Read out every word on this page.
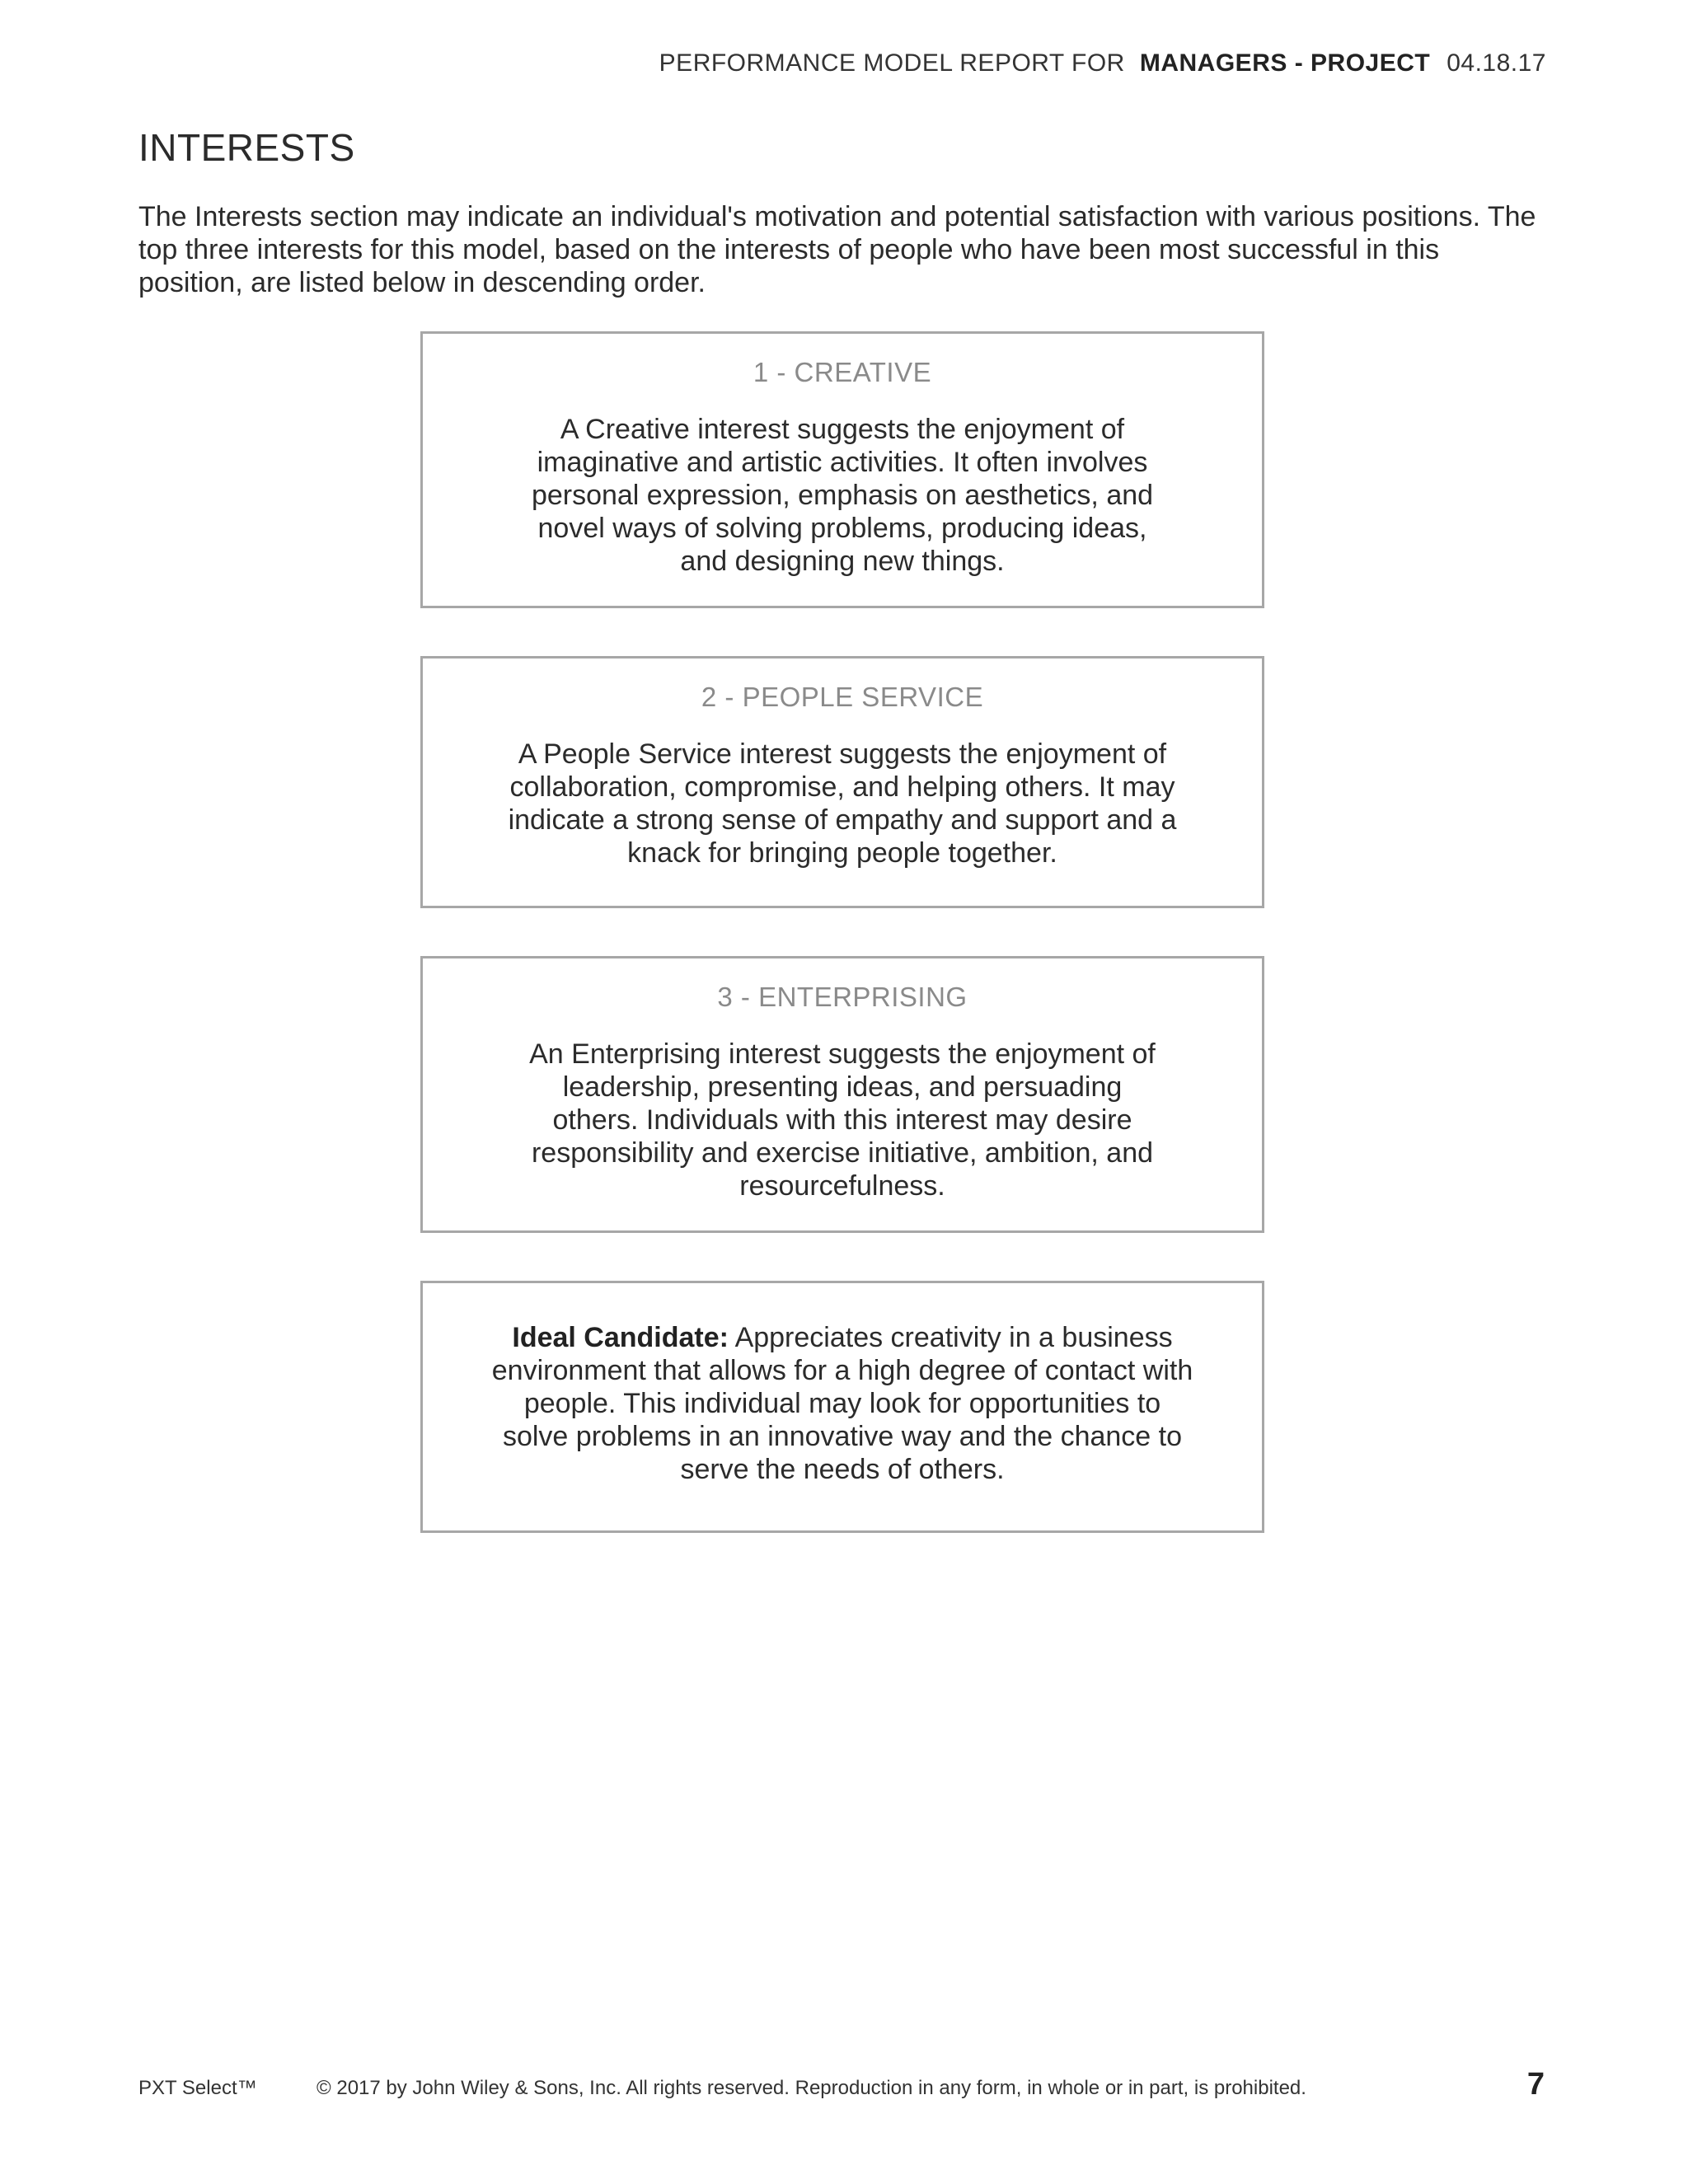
PERFORMANCE MODEL REPORT FOR MANAGERS - PROJECT 04.18.17
INTERESTS

The Interests section may indicate an individual's motivation and potential satisfaction with various positions. The top three interests for this model, based on the interests of people who have been most successful in this position, are listed below in descending order.

1 - CREATIVE
A Creative interest suggests the enjoyment of imaginative and artistic activities. It often involves personal expression, emphasis on aesthetics, and novel ways of solving problems, producing ideas, and designing new things.
2 - PEOPLE SERVICE
A People Service interest suggests the enjoyment of collaboration, compromise, and helping others. It may indicate a strong sense of empathy and support and a knack for bringing people together.
3 - ENTERPRISING
An Enterprising interest suggests the enjoyment of leadership, presenting ideas, and persuading others. Individuals with this interest may desire responsibility and exercise initiative, ambition, and resourcefulness.
Ideal Candidate: Appreciates creativity in a business environment that allows for a high degree of contact with people. This individual may look for opportunities to solve problems in an innovative way and the chance to serve the needs of others.
PXT Select™	© 2017 by John Wiley & Sons, Inc. All rights reserved. Reproduction in any form, in whole or in part, is prohibited.	7
